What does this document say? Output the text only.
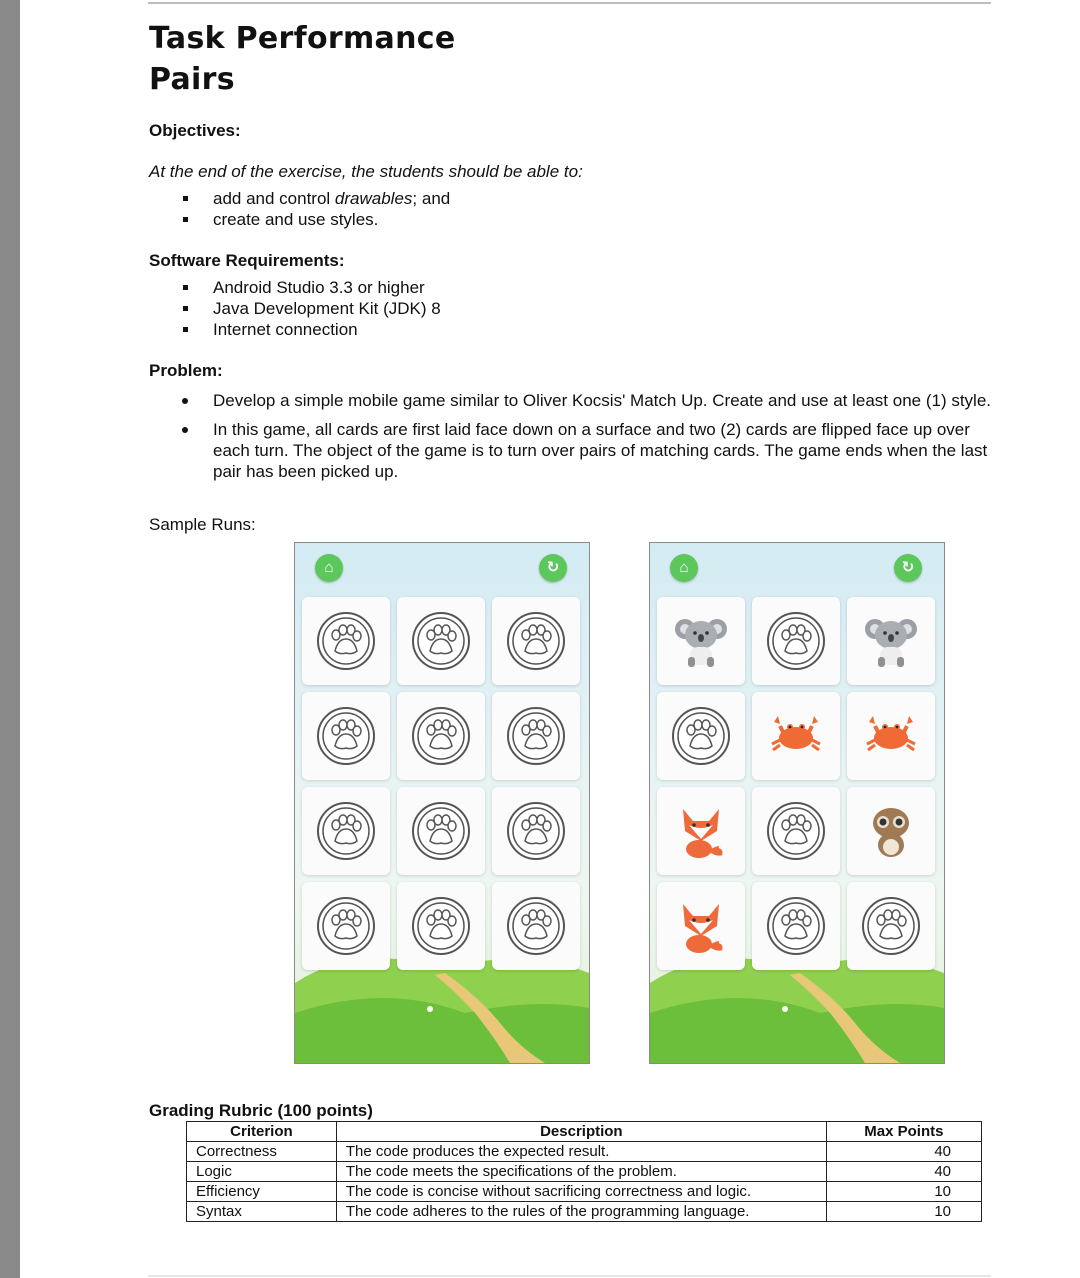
Task Performance
Pairs
Objectives:
At the end of the exercise, the students should be able to:
add and control drawables; and
create and use styles.
Software Requirements:
Android Studio 3.3 or higher
Java Development Kit (JDK) 8
Internet connection
Problem:
Develop a simple mobile game similar to Oliver Kocsis' Match Up. Create and use at least one (1) style.
In this game, all cards are first laid face down on a surface and two (2) cards are flipped face up over each turn. The object of the game is to turn over pairs of matching cards. The game ends when the last pair has been picked up.
Sample Runs:
⌂	↻	⌂	↻
Grading Rubric (100 points)
Criterion	Description	Max Points
Correctness	The code produces the expected result.	40
Logic	The code meets the specifications of the problem.	40
Efficiency	The code is concise without sacrificing correctness and logic.	10
Syntax	The code adheres to the rules of the programming language.	10
